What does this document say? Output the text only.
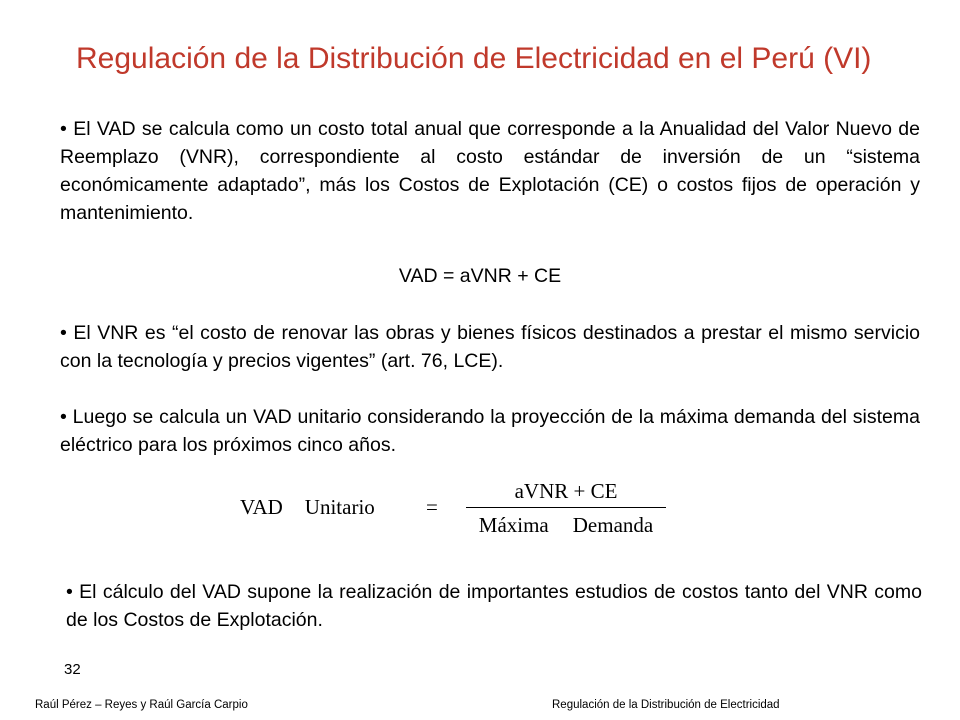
Regulación de la Distribución de Electricidad en el Perú (VI)
• El VAD se calcula como un costo total anual que corresponde a la Anualidad del Valor Nuevo de Reemplazo (VNR), correspondiente al costo estándar de inversión de un “sistema económicamente adaptado”, más los Costos de Explotación (CE) o costos fijos de operación y mantenimiento.
VAD = aVNR + CE
• El VNR es “el costo de renovar las obras y bienes físicos destinados a prestar el mismo servicio con la tecnología y precios vigentes” (art. 76, LCE).
• Luego se calcula un VAD unitario considerando la proyección de la máxima demanda del sistema eléctrico para los próximos cinco años.
VAD Unitario =
aVNR + CE
Máxima Demanda
• El cálculo del VAD supone la realización de importantes estudios de costos tanto del VNR como de los Costos de Explotación.
32
Raúl Pérez – Reyes y Raúl García Carpio	Regulación de la Distribución de Electricidad
